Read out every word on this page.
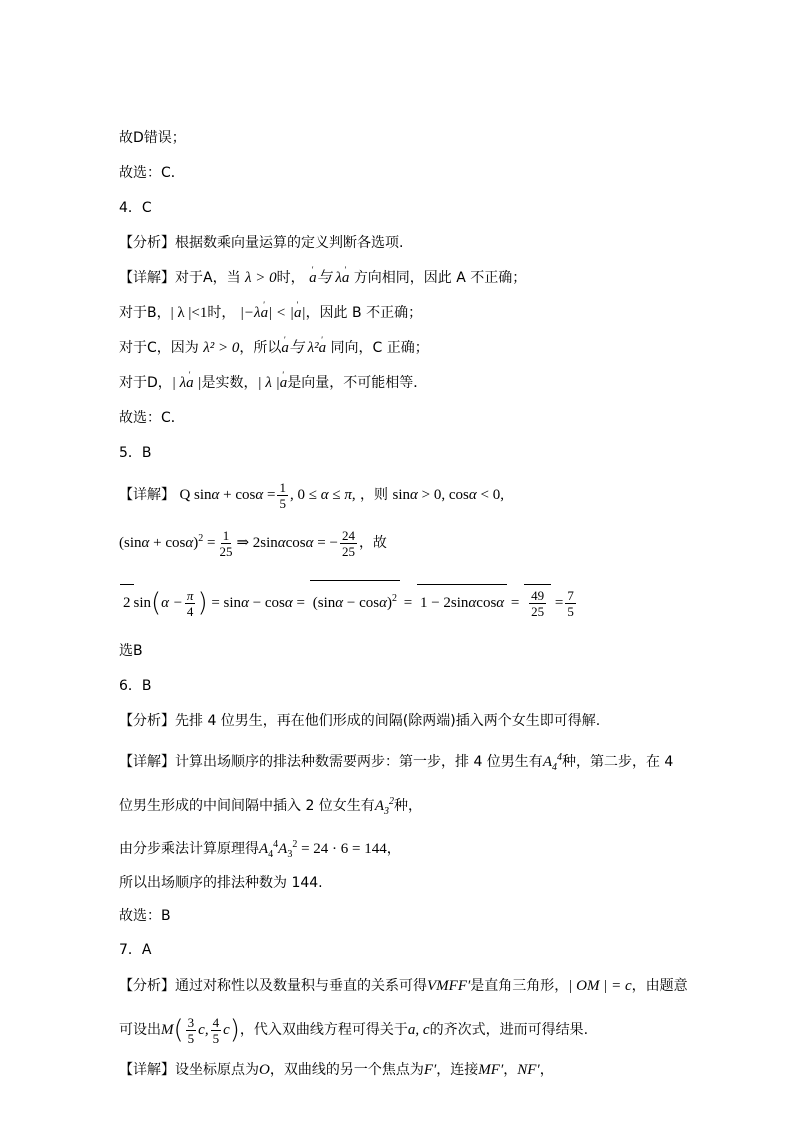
故D错误；
故选：C．
4．C
【分析】根据数乘向量运算的定义判断各选项.
【详解】对于A，当 λ > 0时， ' a与 λ' a 方向相同，因此 A 不正确；
对于B，| λ |<1时， |−λ' a| < |' a|，因此 B 不正确；
对于C，因为 λ² > 0，所以' a与 λ²' a 同向，C 正确；
对于D，| λ' a |是实数，| λ |' a是向量，不可能相等．
故选：C．
5．B
【详解】 Q $\sin\alpha + \cos\alpha = \frac{1}{5}$ , 0 ≤ α ≤ π, ，则 sinα > 0, cosα < 0,
$(\sin\alpha + \cos\alpha)^2 = \frac{1}{25}$ ⇒ 2sinαcosα = − $\frac{24}{25}$ ，故
2 $\sin(\alpha - \frac{\pi}{4}$ ) = $\sin\alpha - \cos\alpha = (\sin\alpha - \cos\alpha)^2 = 1 - 2\sin\alpha\cos\alpha = \frac{49}{25} = \frac{7}{5}$
选B
6．B
【分析】先排 4 位男生，再在他们形成的间隔(除两端)插入两个女生即可得解.
【详解】计算出场顺序的排法种数需要两步：第一步，排 4 位男生有$A_4^4$种，第二步，在 4
位男生形成的中间间隔中插入 2 位女生有$A_3^2$种，
由分步乘法计算原理得$A_4^4A_3^2 = 24 \cdot 6 = 144$，
所以出场顺序的排法种数为 144.
故选：B
7．A
【分析】通过对称性以及数量积与垂直的关系可得VMFF′是直角三角形，| OM | = c，由题意
可设出$M( \frac{3}{5} c$, $\frac{4}{5} c$)，代入双曲线方程可得关于a, c的齐次式，进而可得结果.
【详解】设坐标原点为O，双曲线的另一个焦点为F′，连接MF′，NF′，
